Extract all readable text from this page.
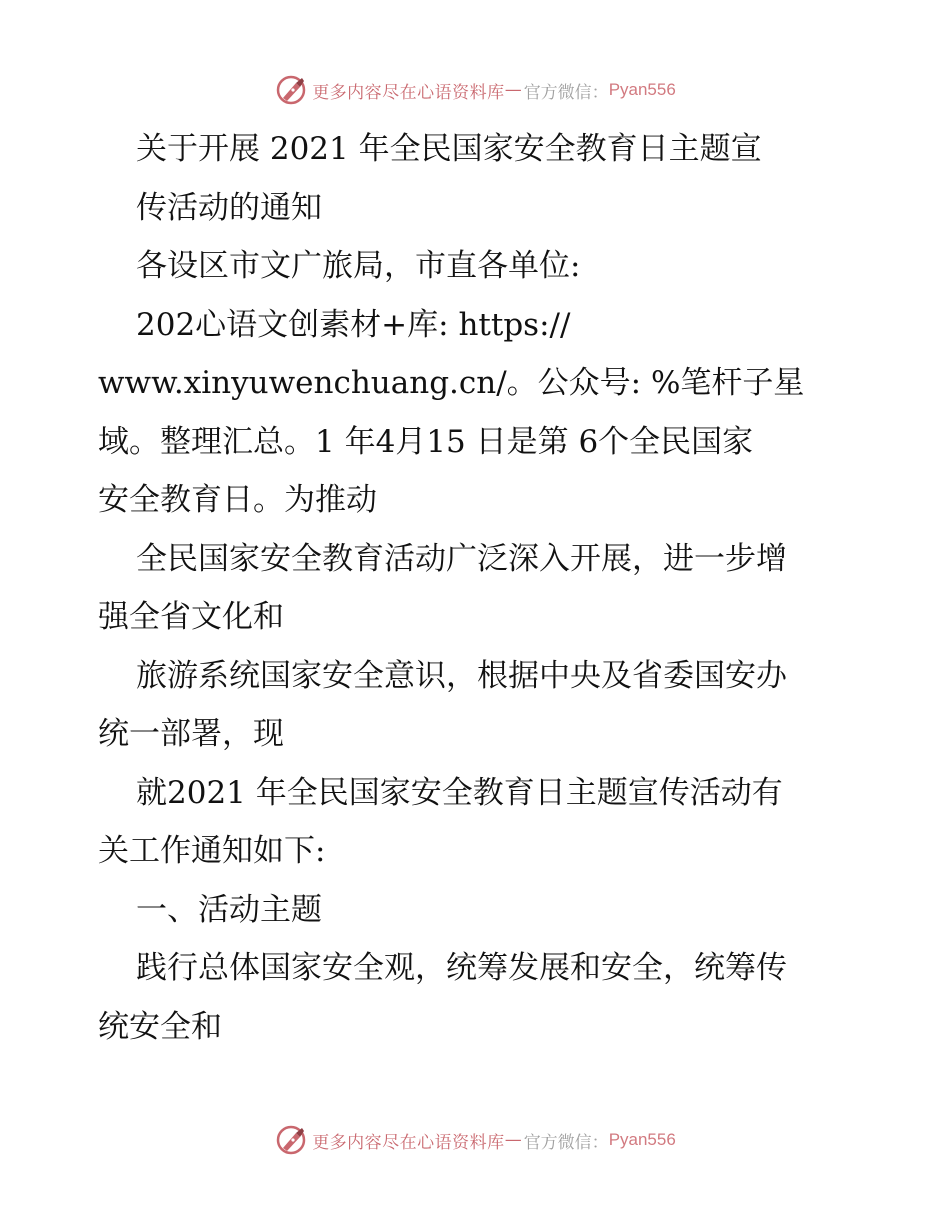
更多内容尽在心语资料库 — 官方微信： Pyan556
关于开展 2021 年全民国家安全教育日主题宣
传活动的通知
各设区市文广旅局，市直各单位:
202心语文创素材+库: https://
www.xinyuwenchuang.cn/。公众号: %笔杆子星
域。整理汇总。1 年4月15 日是第 6个全民国家
安全教育日。为推动
全民国家安全教育活动广泛深入开展，进一步增
强全省文化和
旅游系统国家安全意识，根据中央及省委国安办
统一部署，现
就2021 年全民国家安全教育日主题宣传活动有
关工作通知如下:
一、活动主题
践行总体国家安全观，统筹发展和安全，统筹传
统安全和
更多内容尽在心语资料库 — 官方微信： Pyan556
